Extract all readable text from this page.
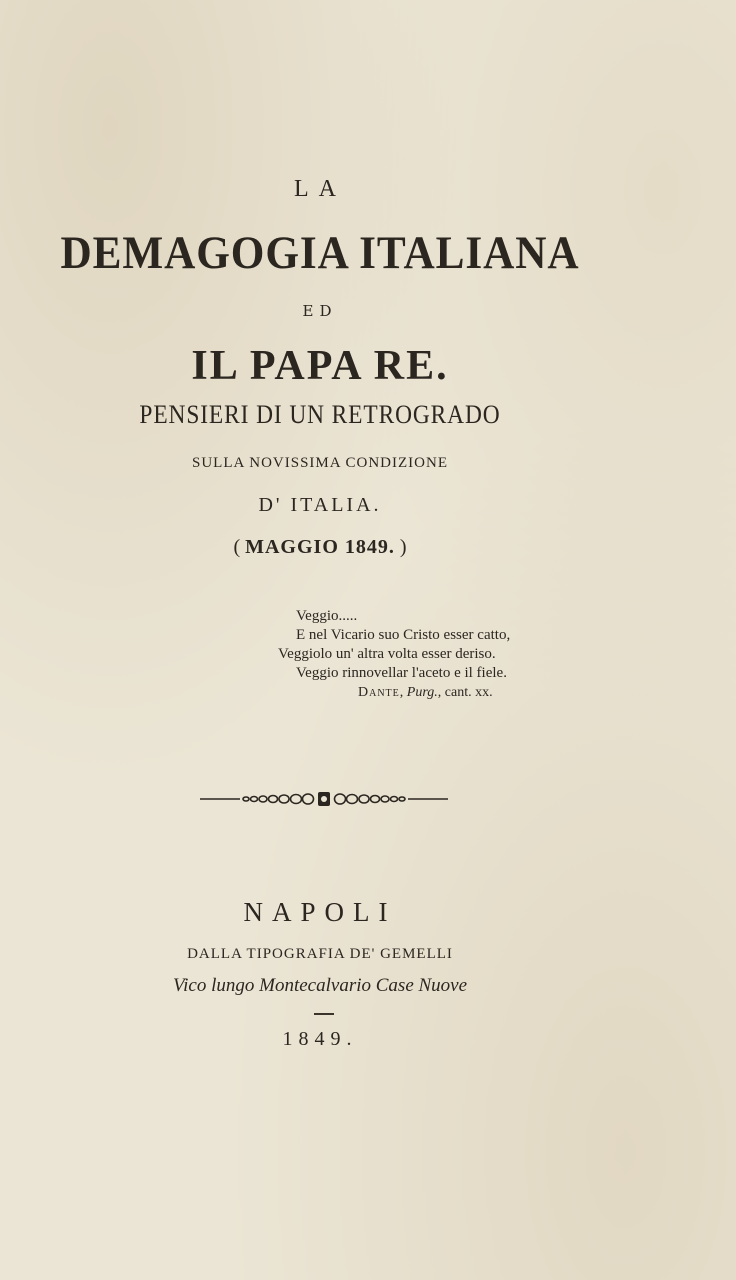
LA
DEMAGOGIA ITALIANA
ED
IL PAPA RE.
PENSIERI DI UN RETROGRADO
SULLA NOVISSIMA CONDIZIONE
D' ITALIA.
( MAGGIO 1849. )
Veggio.....
E nel Vicario suo Cristo esser catto,
Veggiolo un' altra volta esser deriso.
Veggio rinnovellar l'aceto e il fiele.
Dante, Purg., cant. xx.
NAPOLI
DALLA TIPOGRAFIA DE' GEMELLI
Vico lungo Montecalvario Case Nuove
1849.
